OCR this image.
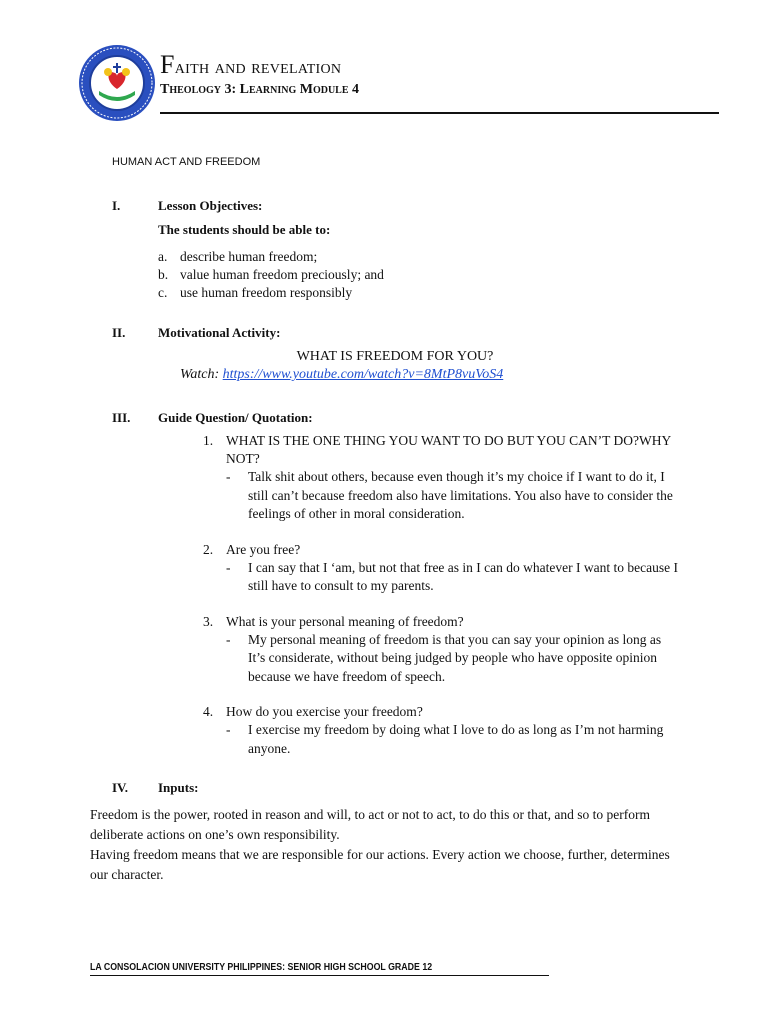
Faith and revelation
Theology 3: Learning Module 4
HUMAN ACT AND FREEDOM
I.	Lesson Objectives:
The students should be able to:
a. describe human freedom;
b. value human freedom preciously; and
c. use human freedom responsibly
II.	Motivational Activity:
WHAT IS FREEDOM FOR YOU?
Watch: https://www.youtube.com/watch?v=8MtP8vuVoS4
III. Guide Question/ Quotation:
1. WHAT IS THE ONE THING YOU WANT TO DO BUT YOU CAN’T DO?WHY NOT?
- Talk shit about others, because even though it’s my choice if I want to do it, I still can’t because freedom also have limitations. You also have to consider the feelings of other in moral consideration.
2. Are you free?
- I can say that I ‘am, but not that free as in I can do whatever I want to because I still have to consult to my parents.
3. What is your personal meaning of freedom?
- My personal meaning of freedom is that you can say your opinion as long as It’s considerate, without being judged by people who have opposite opinion because we have freedom of speech.
4. How do you exercise your freedom?
- I exercise my freedom by doing what I love to do as long as I’m not harming anyone.
IV. Inputs:

Freedom is the power, rooted in reason and will, to act or not to act, to do this or that, and so to perform deliberate actions on one’s own responsibility.

Having freedom means that we are responsible for our actions. Every action we choose, further, determines our character.

LA CONSOLACION UNIVERSITY PHILIPPINES: SENIOR HIGH SCHOOL GRADE 12
